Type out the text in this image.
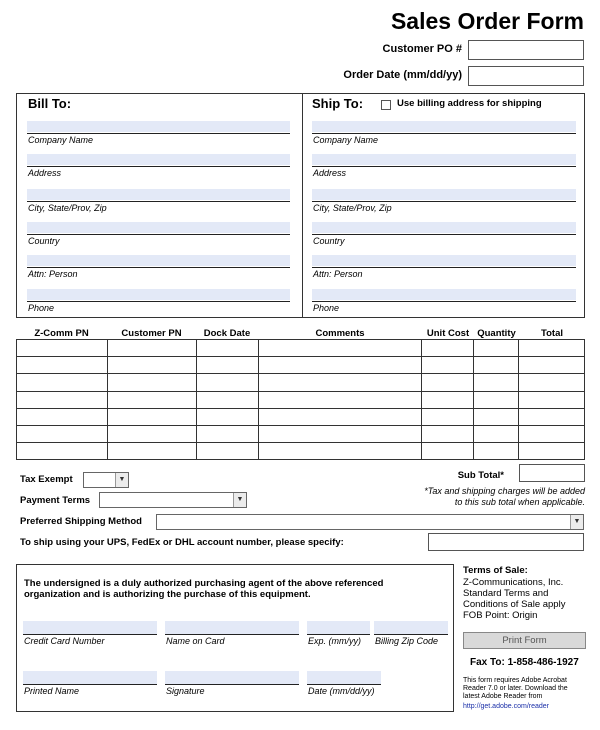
Sales Order Form
Customer PO #
Order Date (mm/dd/yy)
Bill To:	Ship To:	Use billing address for shipping
Company Name
Address
City, State/Prov, Zip
Country
Attn: Person
Phone
Company Name
Address
City, State/Prov, Zip
Country
Attn: Person
Phone
Z-Comm PN	Customer PN	Dock Date	Comments	Unit Cost Quantity	Total

Tax Exempt	▼
Payment Terms	▼
Preferred Shipping Method	▼
To ship using your UPS, FedEx or DHL account number, please specify:
Sub Total*
*Tax and shipping charges will be added
to this sub total when applicable.
The undersigned is a duly authorized purchasing agent of the above referenced
organization and is authorizing the purchase of this equipment.
Credit Card Number	Name on Card	Exp. (mm/yy) Billing Zip Code
Printed Name	Signature	Date (mm/dd/yy)
Terms of Sale:
Z-Communications, Inc.
Standard Terms and
Conditions of Sale apply
FOB Point: Origin
Print Form
Fax To: 1-858-486-1927
This form requires Adobe Acrobat
Reader 7.0 or later. Download the
latest Adobe Reader from
http://get.adobe.com/reader
